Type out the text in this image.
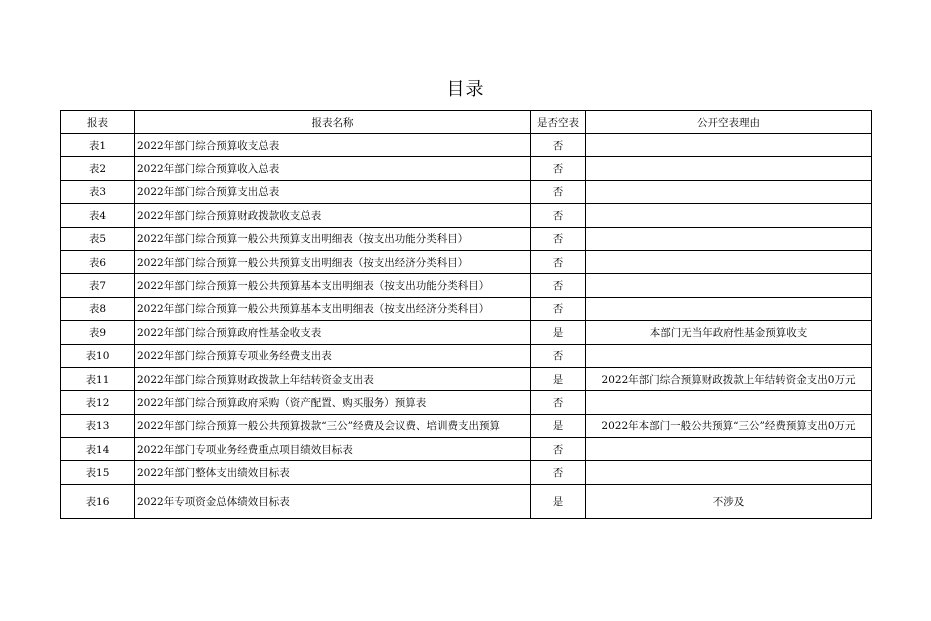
目录
报表	报表名称	是否空表	公开空表理由
表1	2022年部门综合预算收支总表	否	
表2	2022年部门综合预算收入总表	否	
表3	2022年部门综合预算支出总表	否	
表4	2022年部门综合预算财政拨款收支总表	否	
表5	2022年部门综合预算一般公共预算支出明细表（按支出功能分类科目）	否	
表6	2022年部门综合预算一般公共预算支出明细表（按支出经济分类科目）	否	
表7	2022年部门综合预算一般公共预算基本支出明细表（按支出功能分类科目）	否	
表8	2022年部门综合预算一般公共预算基本支出明细表（按支出经济分类科目）	否	
表9	2022年部门综合预算政府性基金收支表	是	本部门无当年政府性基金预算收支
表10	2022年部门综合预算专项业务经费支出表	否	
表11	2022年部门综合预算财政拨款上年结转资金支出表	是	2022年部门综合预算财政拨款上年结转资金支出0万元
表12	2022年部门综合预算政府采购（资产配置、购买服务）预算表	否	
表13	2022年部门综合预算一般公共预算拨款“三公”经费及会议费、培训费支出预算	是	2022年本部门一般公共预算“三公”经费预算支出0万元
表14	2022年部门专项业务经费重点项目绩效目标表	否	
表15	2022年部门整体支出绩效目标表	否	
表16	2022年专项资金总体绩效目标表	是	不涉及
